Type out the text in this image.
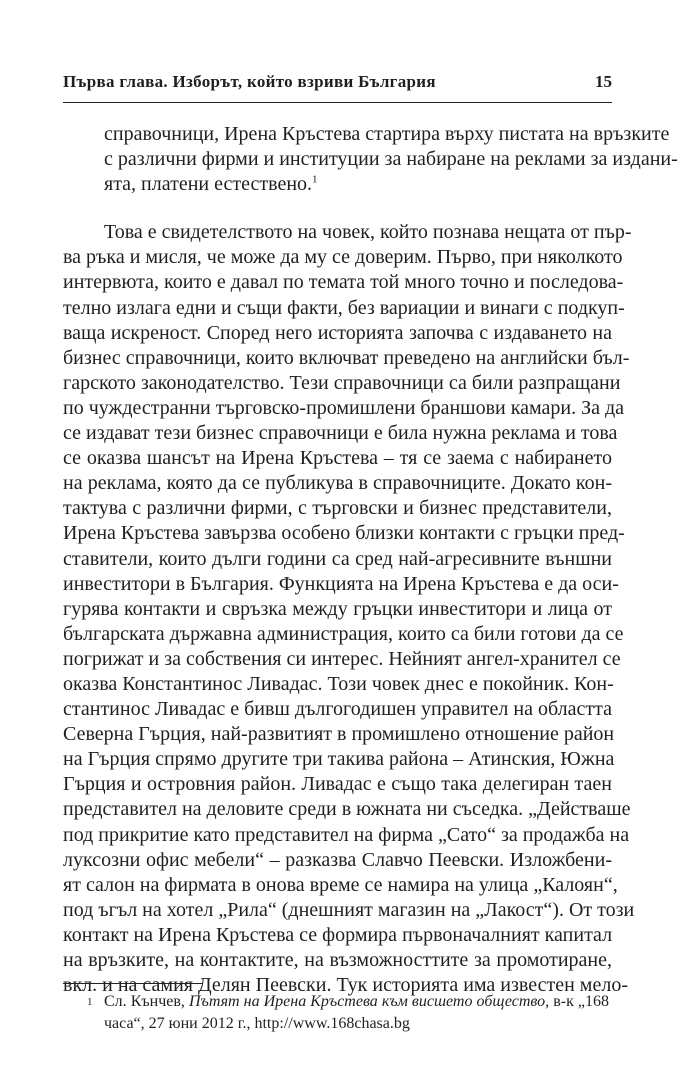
Първа глава. Изборът, който взриви България	15
справочници, Ирена Кръстева стартира върху пистата на връзките
с различни фирми и институции за набиране на реклами за издани-
ята, платени естествено.$^1$
Това е свидетелството на човек, който познава нещата от пър-
ва ръка и мисля, че може да му се доверим. Първо, при няколкото
интервюта, които е давал по темата той много точно и последова-
телно излага едни и същи факти, без вариации и винаги с подкуп-
ваща искреност. Според него историята започва с издаването на
бизнес справочници, които включват преведено на английски бъл-
гарското законодателство. Тези справочници са били разпращани
по чуждестранни търговско-промишлени браншови камари. За да
се издават тези бизнес справочници е била нужна реклама и това
се оказва шансът на Ирена Кръстева – тя се заема с набирането
на реклама, която да се публикува в справочниците. Докато кон-
тактува с различни фирми, с търговски и бизнес представители,
Ирена Кръстева завързва особено близки контакти с гръцки пред-
ставители, които дълги години са сред най-агресивните външни
инвеститори в България. Функцията на Ирена Кръстева е да оси-
гурява контакти и свръзка между гръцки инвеститори и лица от
българската държавна администрация, които са били готови да се
погрижат и за собствения си интерес. Нейният ангел-хранител се
оказва Константинос Ливадас. Този човек днес е покойник. Кон-
стантинос Ливадас е бивш дългогодишен управител на областта
Северна Гърция, най-развитият в промишлено отношение район
на Гърция спрямо другите три такива района – Атинския, Южна
Гърция и островния район. Ливадас е също така делегиран таен
представител на деловите среди в южната ни съседка. „Действаше
под прикритие като представител на фирма „Сато“ за продажба на
луксозни офис мебели“ – разказва Славчо Пеевски. Изложбени-
ят салон на фирмата в онова време се намира на улица „Калоян“,
под ъгъл на хотел „Рила“ (днешният магазин на „Лакост“). От този
контакт на Ирена Кръстева се формира първоначалният капитал
на връзките, на контактите, на възможносттите за промотиране,
вкл. и на самия Делян Пеевски. Тук историята има известен мело-
1 Сл. Кънчев, Пътят на Ирена Кръстева към висшето общество, в-к „168 часа“, 27 юни 2012 г., http://www.168chasa.bg
